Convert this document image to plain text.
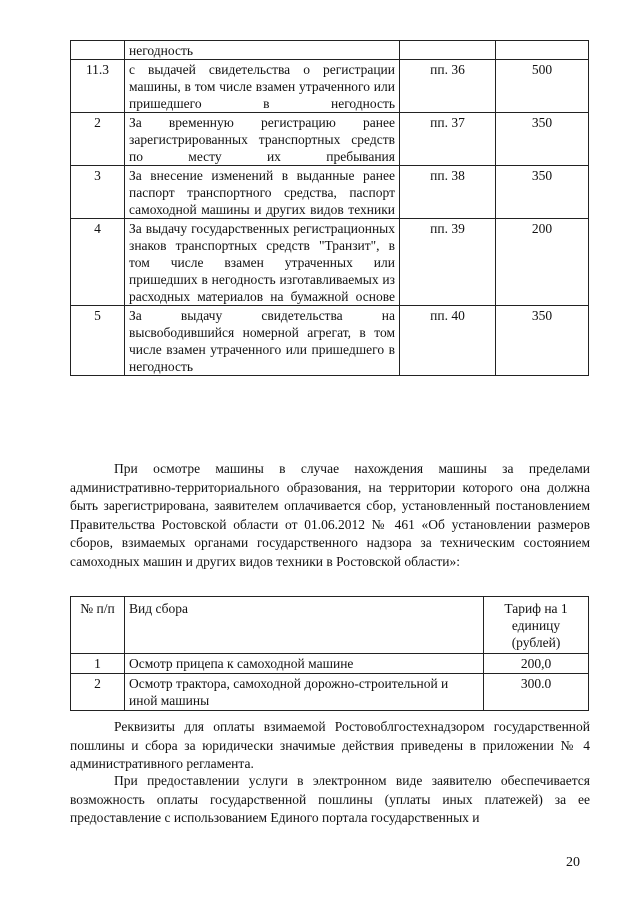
	негодность		
11.3	с выдачей свидетельства о регистрации машины, в том числе взамен утраченного или пришедшего в негодность	пп. 36	500
2	За временную регистрацию ранее зарегистрированных транспортных средств по месту их пребывания	пп. 37	350
3	За внесение изменений в выданные ранее паспорт транспортного средства, паспорт самоходной машины и других видов техники	пп. 38	350
4	За выдачу государственных регистрационных знаков транспортных средств "Транзит", в том числе взамен утраченных или пришедших в негодность изготавливаемых из расходных материалов на бумажной основе	пп. 39	200
5	За выдачу свидетельства на высвободившийся номерной агрегат, в том числе взамен утраченного или пришедшего в негодность	пп. 40	350

При осмотре машины в случае нахождения машины за пределами административно-территориального образования, на территории которого она должна быть зарегистрирована, заявителем оплачивается сбор, установленный постановлением Правительства Ростовской области от 01.06.2012 № 461 «Об установлении размеров сборов, взимаемых органами государственного надзора за техническим состоянием самоходных машин и других видов техники в Ростовской области»:

№ п/п	Вид сбора	Тариф на 1 единицу (рублей)
1	Осмотр прицепа к самоходной машине	200,0
2	Осмотр трактора, самоходной дорожно-строительной и иной машины	300.0

Реквизиты для оплаты взимаемой Ростовоблгостехнадзором государственной пошлины и сбора за юридически значимые действия приведены в приложении № 4 административного регламента.

При предоставлении услуги в электронном виде заявителю обеспечивается возможность оплаты государственной пошлины (уплаты иных платежей) за ее предоставление с использованием Единого портала государственных и

20
